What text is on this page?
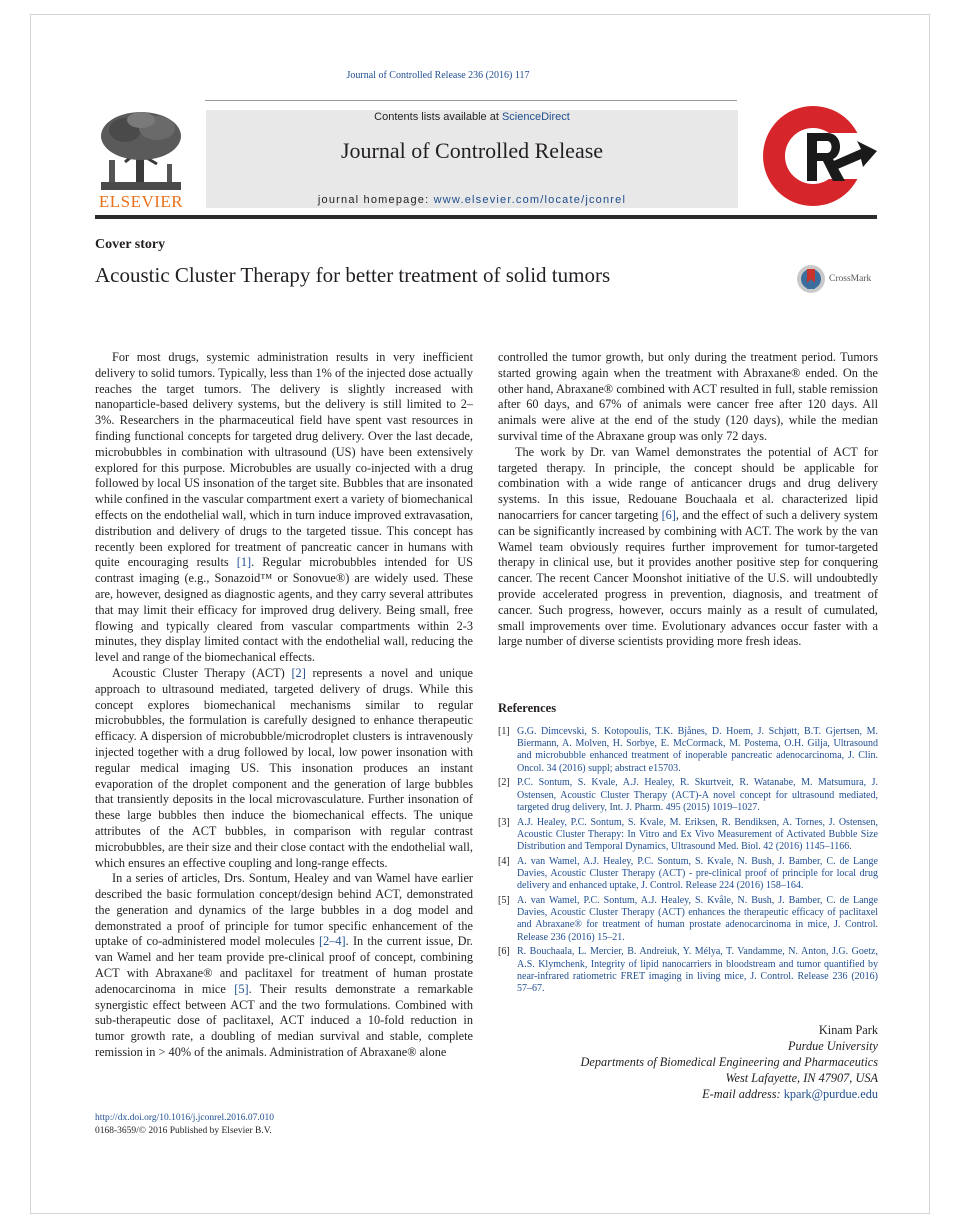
Journal of Controlled Release 236 (2016) 117
ELSEVIER
Contents lists available at ScienceDirect
Journal of Controlled Release
journal homepage: www.elsevier.com/locate/jconrel
Cover story
Acoustic Cluster Therapy for better treatment of solid tumors	CrossMark

For most drugs, systemic administration results in very inefficient delivery to solid tumors. Typically, less than 1% of the injected dose actually reaches the target tumors. The delivery is slightly increased with nanoparticle-based delivery systems, but the delivery is still limited to 2–3%. Researchers in the pharmaceutical field have spent vast resources in finding functional concepts for targeted drug delivery. Over the last decade, microbubbles in combination with ultrasound (US) have been extensively explored for this purpose. Microbubles are usually co-injected with a drug followed by local US insonation of the target site. Bubbles that are insonated while confined in the vascular compartment exert a variety of biomechanical effects on the endothelial wall, which in turn induce improved extravasation, distribution and delivery of drugs to the targeted tissue. This concept has recently been explored for treatment of pancreatic cancer in humans with quite encouraging results [1]. Regular microbubbles intended for US contrast imaging (e.g., Sonazoid™ or Sonovue®) are widely used. These are, however, designed as diagnostic agents, and they carry several attributes that may limit their efficacy for improved drug delivery. Being small, free flowing and typically cleared from vascular compartments within 2-3 minutes, they display limited contact with the endothelial wall, reducing the level and range of the biomechanical effects.

Acoustic Cluster Therapy (ACT) [2] represents a novel and unique approach to ultrasound mediated, targeted delivery of drugs. While this concept explores biomechanical mechanisms similar to regular microbubbles, the formulation is carefully designed to enhance therapeutic efficacy. A dispersion of microbubble/microdroplet clusters is intravenously injected together with a drug followed by local, low power insonation with regular medical imaging US. This insonation produces an instant evaporation of the droplet component and the generation of large bubbles that transiently deposits in the local microvasculature. Further insonation of these large bubbles then induce the biomechanical effects. The unique attributes of the ACT bubbles, in comparison with regular contrast microbubbles, are their size and their close contact with the endothelial wall, which ensures an effective coupling and long-range effects.

In a series of articles, Drs. Sontum, Healey and van Wamel have earlier described the basic formulation concept/design behind ACT, demonstrated the generation and dynamics of the large bubbles in a dog model and demonstrated a proof of principle for tumor specific enhancement of the uptake of co-administered model molecules [2–4]. In the current issue, Dr. van Wamel and her team provide pre-clinical proof of concept, combining ACT with Abraxane® and paclitaxel for treatment of human prostate adenocarcinoma in mice [5]. Their results demonstrate a remarkable synergistic effect between ACT and the two formulations. Combined with sub-therapeutic dose of paclitaxel, ACT induced a 10-fold reduction in tumor growth rate, a doubling of median survival and stable, complete remission in > 40% of the animals. Administration of Abraxane® alone

controlled the tumor growth, but only during the treatment period. Tumors started growing again when the treatment with Abraxane® ended. On the other hand, Abraxane® combined with ACT resulted in full, stable remission after 60 days, and 67% of animals were cancer free after 120 days. All animals were alive at the end of the study (120 days), while the median survival time of the Abraxane group was only 72 days.

The work by Dr. van Wamel demonstrates the potential of ACT for targeted therapy. In principle, the concept should be applicable for combination with a wide range of anticancer drugs and drug delivery systems. In this issue, Redouane Bouchaala et al. characterized lipid nanocarriers for cancer targeting [6], and the effect of such a delivery system can be significantly increased by combining with ACT. The work by the van Wamel team obviously requires further improvement for tumor-targeted therapy in clinical use, but it provides another positive step for conquering cancer. The recent Cancer Moonshot initiative of the U.S. will undoubtedly provide accelerated progress in prevention, diagnosis, and treatment of cancer. Such progress, however, occurs mainly as a result of cumulated, small improvements over time. Evolutionary advances occur faster with a large number of diverse scientists providing more fresh ideas.

References
[1] G.G. Dimcevski, S. Kotopoulis, T.K. Bjånes, D. Hoem, J. Schjøtt, B.T. Gjertsen, M. Biermann, A. Molven, H. Sorbye, E. McCormack, M. Postema, O.H. Gilja, Ultrasound and microbubble enhanced treatment of inoperable pancreatic adenocarcinoma, J. Clin. Oncol. 34 (2016) suppl; abstract e15703.
[2] P.C. Sontum, S. Kvale, A.J. Healey, R. Skurtveit, R. Watanabe, M. Matsumura, J. Ostensen, Acoustic Cluster Therapy (ACT)-A novel concept for ultrasound mediated, targeted drug delivery, Int. J. Pharm. 495 (2015) 1019–1027.
[3] A.J. Healey, P.C. Sontum, S. Kvale, M. Eriksen, R. Bendiksen, A. Tornes, J. Ostensen, Acoustic Cluster Therapy: In Vitro and Ex Vivo Measurement of Activated Bubble Size Distribution and Temporal Dynamics, Ultrasound Med. Biol. 42 (2016) 1145–1166.
[4] A. van Wamel, A.J. Healey, P.C. Sontum, S. Kvale, N. Bush, J. Bamber, C. de Lange Davies, Acoustic Cluster Therapy (ACT) - pre-clinical proof of principle for local drug delivery and enhanced uptake, J. Control. Release 224 (2016) 158–164.
[5] A. van Wamel, P.C. Sontum, A.J. Healey, S. Kvåle, N. Bush, J. Bamber, C. de Lange Davies, Acoustic Cluster Therapy (ACT) enhances the therapeutic efficacy of paclitaxel and Abraxane® for treatment of human prostate adenocarcinoma in mice, J. Control. Release 236 (2016) 15–21.
[6] R. Bouchaala, L. Mercier, B. Andreiuk, Y. Mélya, T. Vandamme, N. Anton, J.G. Goetz, A.S. Klymchenk, Integrity of lipid nanocarriers in bloodstream and tumor quantified by near-infrared ratiometric FRET imaging in living mice, J. Control. Release 236 (2016) 57–67.
Kinam Park
Purdue University
Departments of Biomedical Engineering and Pharmaceutics
West Lafayette, IN 47907, USA
E-mail address: kpark@purdue.edu
http://dx.doi.org/10.1016/j.jconrel.2016.07.010
0168-3659/© 2016 Published by Elsevier B.V.
